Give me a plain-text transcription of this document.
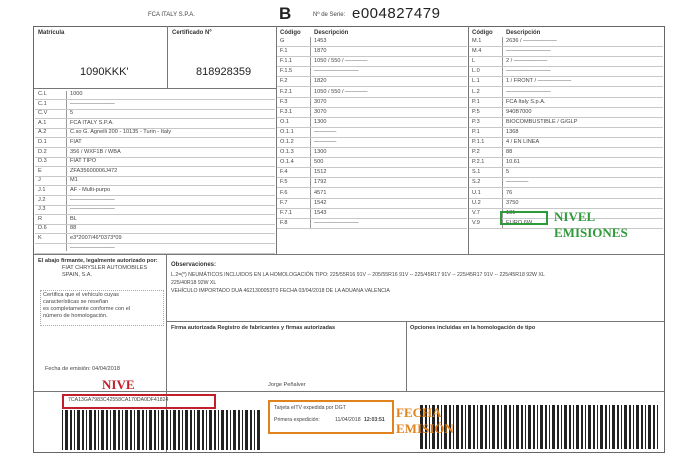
FCA ITALY S.P.A.	B	Nº de Serie: e004827479
Matrícula
1090KKK'
Certificado Nº
818928359
Código Descripción	Código Descripción
C.L	1000
C.1	————————
C.V	5
A.1	FCA ITALY S.P.A.
A.2	C.so G. Agnelli 200 - 10135 - Turin - Italy
D.1	FIAT
D.2	356 / WXF1B / WBA
D.3	FIAT TIPO
E	ZFA35600006J472
J	M1
J.1	AF - Multi-purpo
J.2	————————
J.3	————————
R	BL
D.6	88
K	e3*2007/46*0373*09
————————
G	1453
F.1	1870
F.1.1	1050 / 550 / ————
F.1.5	————————
F.2	1820
F.2.1	1050 / 550 / ————
F.3	3070
F.3.1	3070
O.1	1300
O.1.1	————
O.1.2	————
O.1.3	1300
O.1.4	500
F.4	1512
F.5	1792
F.6	4571
F.7	1542
F.7.1	1543
F.8	————————
M.1	2636 / ——————
M.4	————————
L	2 / ——————
L.0	————————
L.1	1 / FRONT / ——————
L.2	————————
P.1	FCA Italy S.p.A.
P.5	940B7000
P.3	BIOCOMBUSTIBLE / G/GLP
P.1	1368
P.1.1	4 / EN LINEA
P.2	88
P.2.1	10.61
S.1	5
S.2	————
U.1	76
U.2	3750
V.7	131
V.9	EURO 6W
El abajo firmante, legalmente autorizado por:
FIAT CHRYSLER AUTOMOBILES
SPAIN, S.A.
Certifica que el vehículo cuyas
características se reseñan
es completamente conforme con el
número de homologación.
Fecha de emisión: 04/04/2018
Observaciones:
L.2=(*) NEUMÁTICOS INCLUIDOS EN LA HOMOLOGACIÓN TIPO: 225/55R16 91V -- 205/55R16 91V -- 225/45R17 91V -- 225/45R17 91V -- 225/45R18 92W XL
225/40R18 92W XL
VEHÍCULO IMPORTADO DUA 4621300053T0 FECHA 03/04/2018 DE LA ADUANA VALENCIA
Firma autorizada Registro de fabricantes y firmas autorizadas
Jorge Peñalver
Opciones incluidas en la homologación de tipo
7CA13GA7983C42558CA170DA0DF41824
NIVE
Tarjeta eITV expedida por DGT
Primera expedición:	11/04/2018 12:03:51 FECHA
EMISIÓN
NIVEL
EMISIONES
